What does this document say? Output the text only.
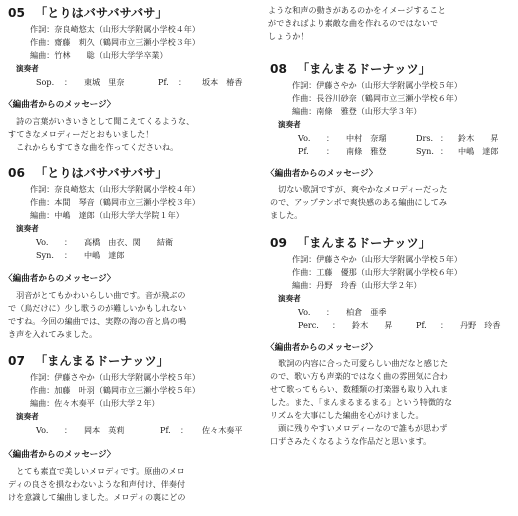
05 「とりはバサバサバサ」
作詞：奈良崎悠太（山形大学附属小学校４年）
作曲：齋藤　莉久（鶴岡市立三瀬小学校３年）
編曲：竹林　　聡（山形大学学卒業）
演奏者
Sop. ： 東城　里奈	Pf. ： 坂本　椿香
〈編曲者からのメッセージ〉
　詩の言葉がいきいきとして聞こえてくるような、
すてきなメロディーだとおもいました！
　これからもすてきな曲を作ってくださいね。
06 「とりはバサバサバサ」
作詞：奈良崎悠太（山形大学附属小学校４年）
作曲：本間　琴音（鶴岡市立三瀬小学校３年）
編曲：中嶋　達郎（山形大学大学院１年）
演奏者
Vo. ： 高橋　由衣、関　　結衛
Syn. ： 中嶋　達郎
〈編曲者からのメッセージ〉
　羽音がとてもかわいらしい曲です。音が飛ぶの
で（鳥だけに）少し歌うのが難しいかもしれない
ですね。今回の編曲では、実際の海の音と鳥の鳴
き声を入れてみました。
07 「まんまるドーナッツ」
作詞：伊藤さやか（山形大学附属小学校５年）
作曲：加藤　叶羽（鶴岡市立三瀬小学校５年）
編曲：佐々木奏平（山形大学２年）
演奏者
Vo. ： 岡本　英莉	Pf. ： 佐々木奏平
〈編曲者からのメッセージ〉
　とても素直で美しいメロディです。原曲のメロ
ディの良さを損なわないような和声付け、伴奏付
けを意識して編曲しました。メロディの裏にどの
ような和声の動きがあるのかをイメージすること
ができればより素敵な曲を作れるのではないで
しょうか！
08 「まんまるドーナッツ」
作詞：伊藤さやか（山形大学附属小学校５年）
作曲：長谷川砂奈（鶴岡市立三瀬小学校６年）
編曲：南條　雅登（山形大学３年）
演奏者
Vo. ： 中村　奈瑠	Drs. ： 鈴木　　昇
Pf. ： 南條　雅登	Syn. ： 中嶋　達郎
〈編曲者からのメッセージ〉
　切ない歌詞ですが、爽やかなメロディーだった
ので、アップテンポで爽快感のある編曲にしてみ
ました。
09 「まんまるドーナッツ」
作詞：伊藤さやか（山形大学附属小学校５年）
作曲：工藤　優那（山形大学附属小学校６年）
編曲：丹野　玲香（山形大学２年）
演奏者
Vo. ： 柏倉　亜季
Perc. ： 鈴木　　昇	Pf. ： 丹野　玲香
〈編曲者からのメッセージ〉
　歌詞の内容に合った可愛らしい曲だなと感じた
ので、歌い方も声楽的ではなく曲の雰囲気に合わ
せて歌ってもらい、数種類の打楽器も取り入れま
した。また、「まんまるまるまる」という特徴的な
リズムを大事にした編曲を心がけました。
　頭に残りやすいメロディーなので誰もが思わず
口ずさみたくなるような作品だと思います。
